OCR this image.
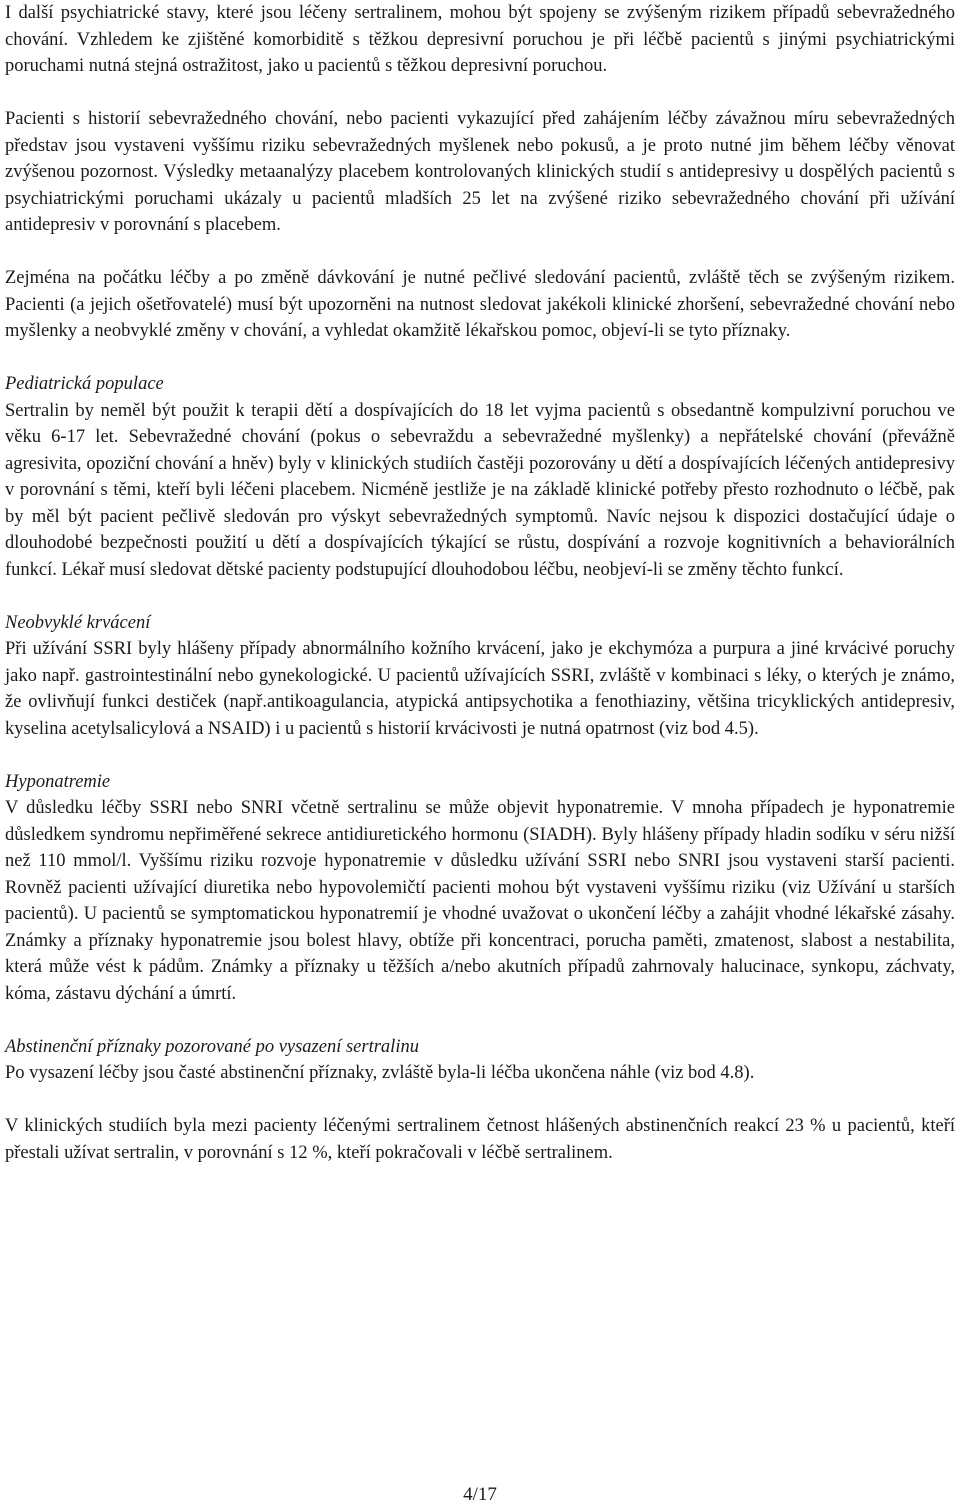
I další psychiatrické stavy, které jsou léčeny sertralinem, mohou být spojeny se zvýšeným rizikem případů sebevražedného chování. Vzhledem ke zjištěné komorbiditě s těžkou depresivní poruchou je při léčbě pacientů s jinými psychiatrickými poruchami nutná stejná ostražitost, jako u pacientů s těžkou depresivní poruchou.

Pacienti s historií sebevražedného chování, nebo pacienti vykazující před zahájením léčby závažnou míru sebevražedných představ jsou vystaveni vyššímu riziku sebevražedných myšlenek nebo pokusů, a je proto nutné jim během léčby věnovat zvýšenou pozornost. Výsledky metaanalýzy placebem kontrolovaných klinických studií s antidepresivy u dospělých pacientů s psychiatrickými poruchami ukázaly u pacientů mladších 25 let na zvýšené riziko sebevražedného chování při užívání antidepresiv v porovnání s placebem.

Zejména na počátku léčby a po změně dávkování je nutné pečlivé sledování pacientů, zvláště těch se zvýšeným rizikem. Pacienti (a jejich ošetřovatelé) musí být upozorněni na nutnost sledovat jakékoli klinické zhoršení, sebevražedné chování nebo myšlenky a neobvyklé změny v chování, a vyhledat okamžitě lékařskou pomoc, objeví-li se tyto příznaky.

Pediatrická populace

Sertralin by neměl být použit k terapii dětí a dospívajících do 18 let vyjma pacientů s obsedantně kompulzivní poruchou ve věku 6-17 let. Sebevražedné chování (pokus o sebevraždu a sebevražedné myšlenky) a nepřátelské chování (převážně agresivita, opoziční chování a hněv) byly v klinických studiích častěji pozorovány u dětí a dospívajících léčených antidepresivy v porovnání s těmi, kteří byli léčeni placebem. Nicméně jestliže je na základě klinické potřeby přesto rozhodnuto o léčbě, pak by měl být pacient pečlivě sledován pro výskyt sebevražedných symptomů. Navíc nejsou k dispozici dostačující údaje o dlouhodobé bezpečnosti použití u dětí a dospívajících týkající se růstu, dospívání a rozvoje kognitivních a behaviorálních funkcí. Lékař musí sledovat dětské pacienty podstupující dlouhodobou léčbu, neobjeví-li se změny těchto funkcí.

Neobvyklé krvácení

Při užívání SSRI byly hlášeny případy abnormálního kožního krvácení, jako je ekchymóza a purpura a jiné krvácivé poruchy jako např. gastrointestinální nebo gynekologické. U pacientů užívajících SSRI, zvláště v kombinaci s léky, o kterých je známo, že ovlivňují funkci destiček (např.antikoagulancia, atypická antipsychotika a fenothiaziny, většina tricyklických antidepresiv, kyselina acetylsalicylová a NSAID) i u pacientů s historií krvácivosti je nutná opatrnost (viz bod 4.5).

Hyponatremie

V důsledku léčby SSRI nebo SNRI včetně sertralinu se může objevit hyponatremie. V mnoha případech je hyponatremie důsledkem syndromu nepřiměřené sekrece antidiuretického hormonu (SIADH). Byly hlášeny případy hladin sodíku v séru nižší než 110 mmol/l. Vyššímu riziku rozvoje hyponatremie v důsledku užívání SSRI nebo SNRI jsou vystaveni starší pacienti. Rovněž pacienti užívající diuretika nebo hypovolemičtí pacienti mohou být vystaveni vyššímu riziku (viz Užívání u starších pacientů). U pacientů se symptomatickou hyponatremií je vhodné uvažovat o ukončení léčby a zahájit vhodné lékařské zásahy. Známky a příznaky hyponatremie jsou bolest hlavy, obtíže při koncentraci, porucha paměti, zmatenost, slabost a nestabilita, která může vést k pádům. Známky a příznaky u těžších a/nebo akutních případů zahrnovaly halucinace, synkopu, záchvaty, kóma, zástavu dýchání a úmrtí.

Abstinenční příznaky pozorované po vysazení sertralinu

Po vysazení léčby jsou časté abstinenční příznaky, zvláště byla-li léčba ukončena náhle (viz bod 4.8).

V klinických studiích byla mezi pacienty léčenými sertralinem četnost hlášených abstinenčních reakcí 23 % u pacientů, kteří přestali užívat sertralin, v porovnání s 12 %, kteří pokračovali v léčbě sertralinem.

4/17
